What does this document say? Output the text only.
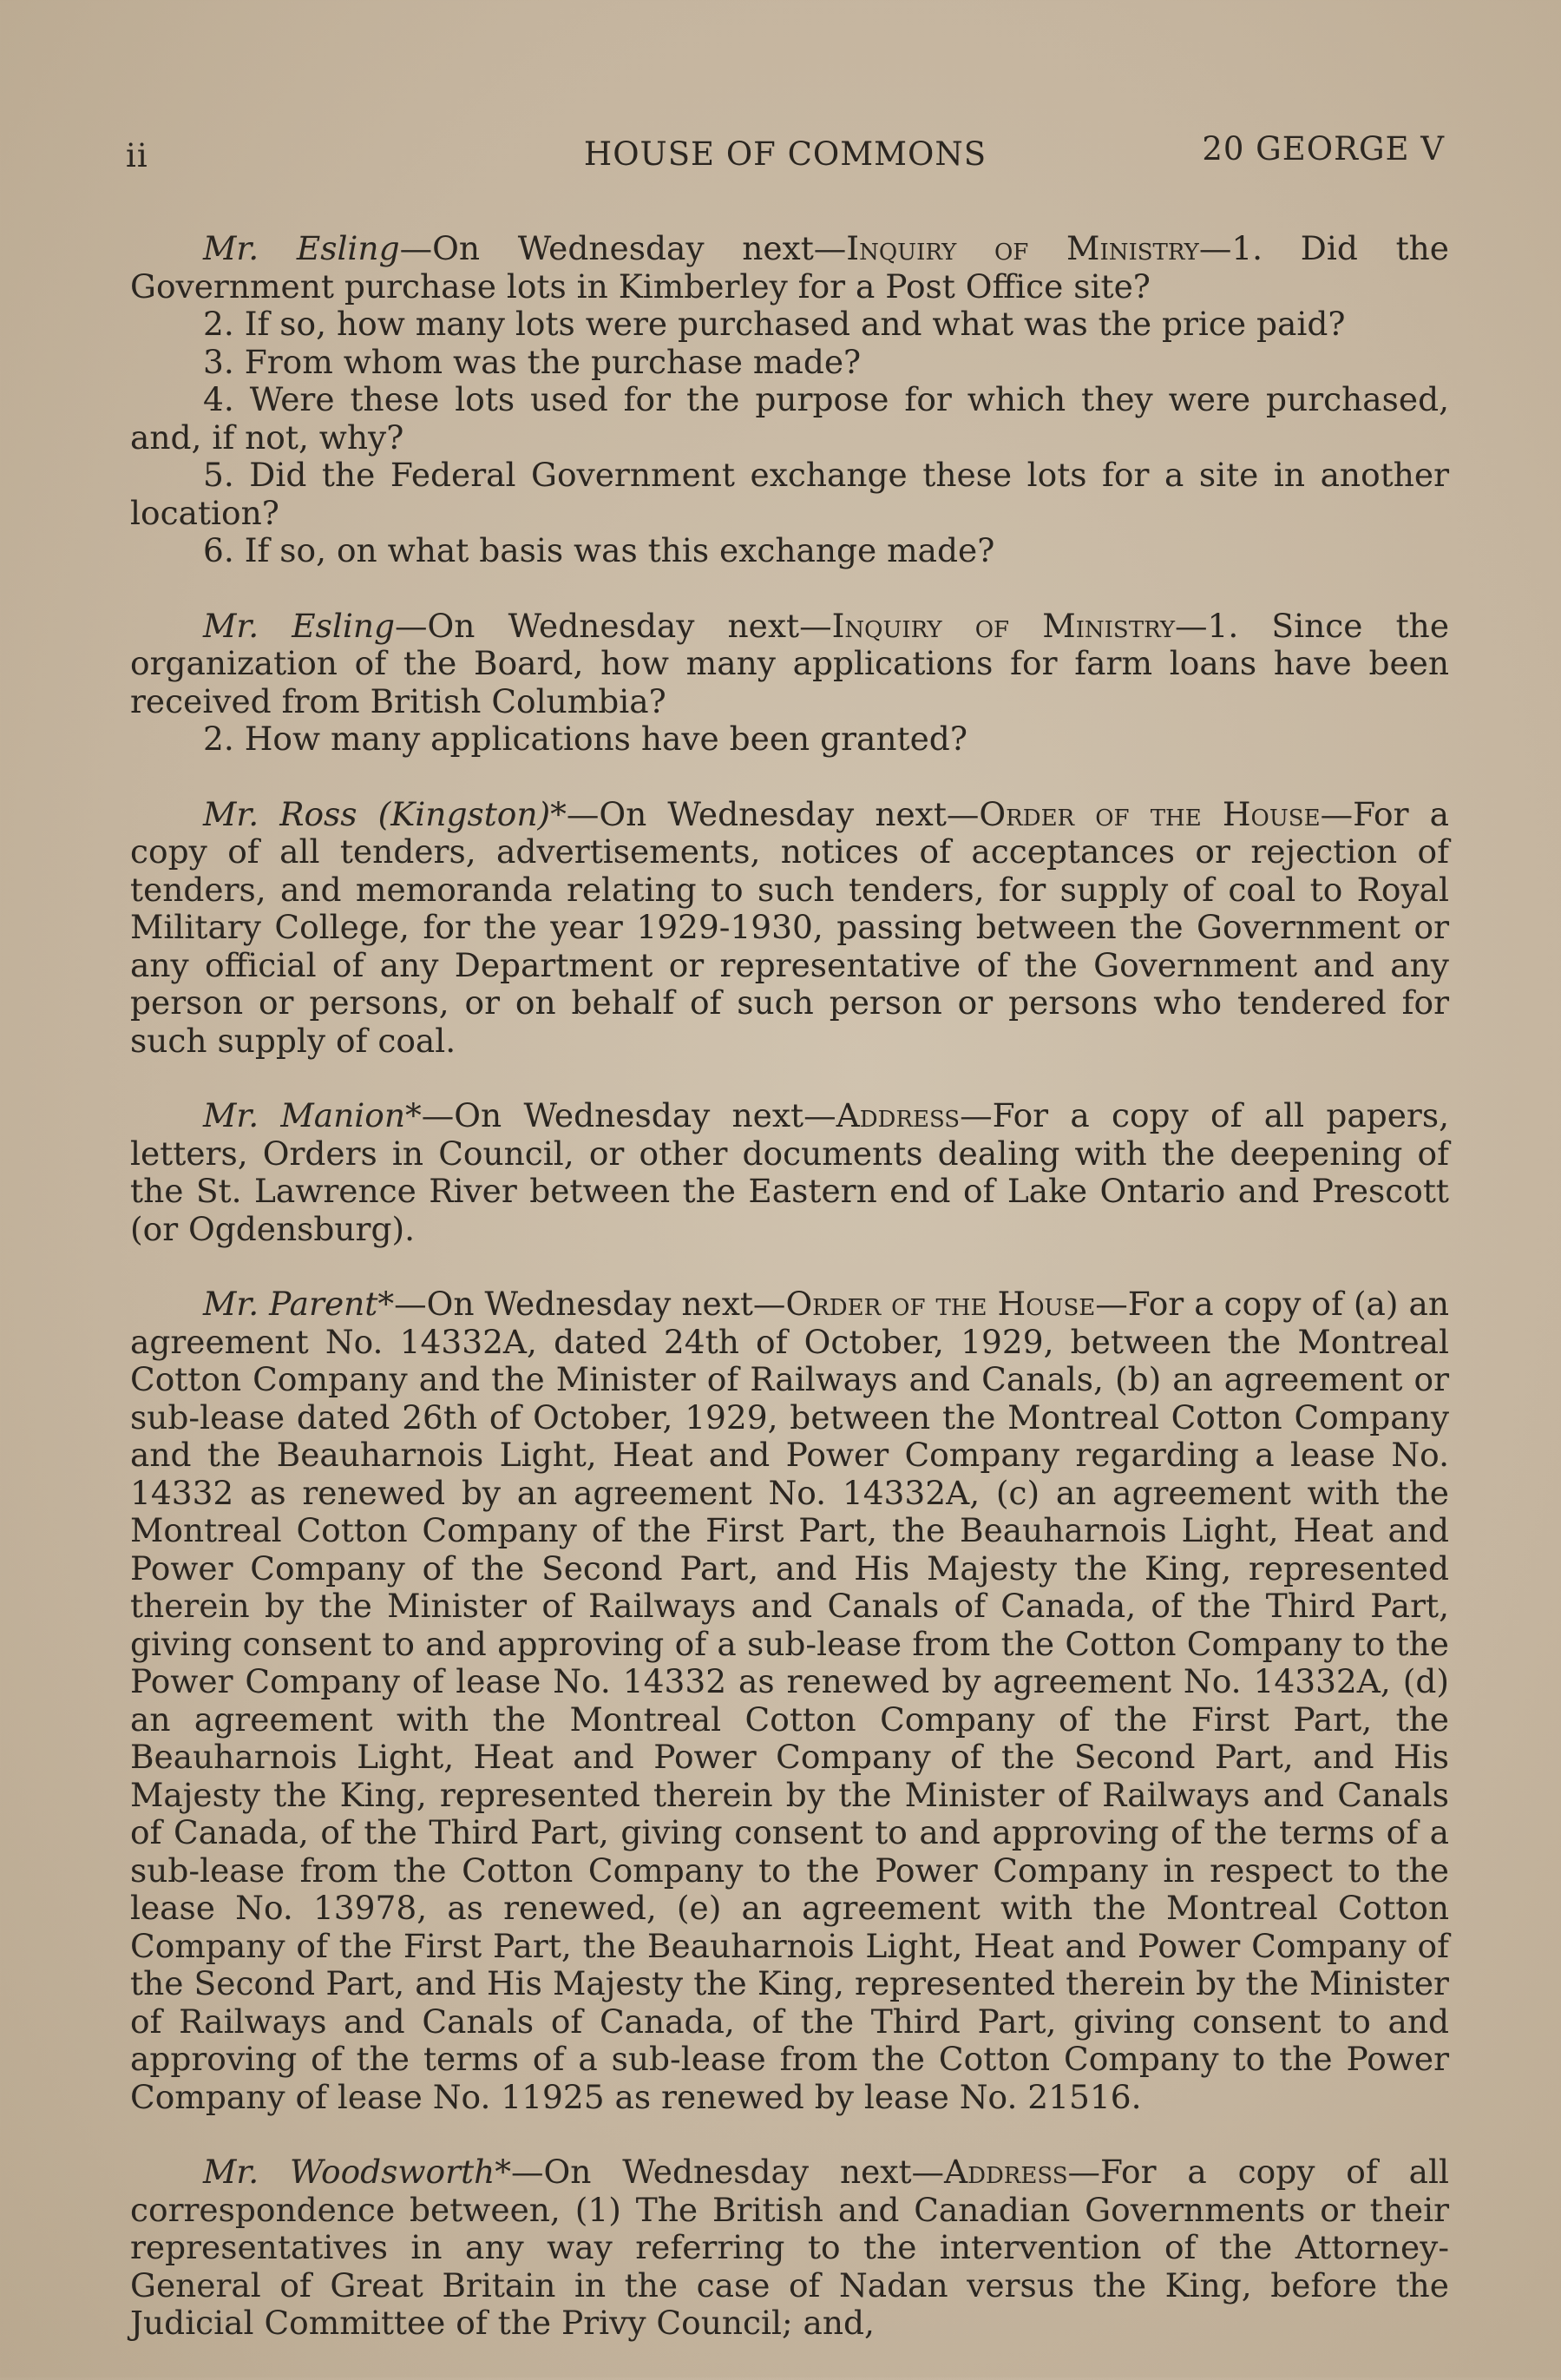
ii	HOUSE OF COMMONS	20 GEORGE V

Mr. Esling—On Wednesday next—Inquiry of Ministry—1. Did the Government purchase lots in Kimberley for a Post Office site?

2. If so, how many lots were purchased and what was the price paid?

3. From whom was the purchase made?

4. Were these lots used for the purpose for which they were purchased, and, if not, why?

5. Did the Federal Government exchange these lots for a site in another location?

6. If so, on what basis was this exchange made?

Mr. Esling—On Wednesday next—Inquiry of Ministry—1. Since the organization of the Board, how many applications for farm loans have been received from British Columbia?

2. How many applications have been granted?

Mr. Ross (Kingston)*—On Wednesday next—Order of the House—For a copy of all tenders, advertisements, notices of acceptances or rejection of tenders, and memoranda relating to such tenders, for supply of coal to Royal Military College, for the year 1929-1930, passing between the Government or any official of any Department or representative of the Government and any person or persons, or on behalf of such person or persons who tendered for such supply of coal.

Mr. Manion*—On Wednesday next—Address—For a copy of all papers, letters, Orders in Council, or other documents dealing with the deepening of the St. Lawrence River between the Eastern end of Lake Ontario and Prescott (or Ogdensburg).

Mr. Parent*—On Wednesday next—Order of the House—For a copy of (a) an agreement No. 14332A, dated 24th of October, 1929, between the Montreal Cotton Company and the Minister of Railways and Canals, (b) an agreement or sub-lease dated 26th of October, 1929, between the Montreal Cotton Company and the Beauharnois Light, Heat and Power Company regarding a lease No. 14332 as renewed by an agreement No. 14332A, (c) an agreement with the Montreal Cotton Company of the First Part, the Beauharnois Light, Heat and Power Company of the Second Part, and His Majesty the King, represented therein by the Minister of Railways and Canals of Canada, of the Third Part, giving consent to and approving of a sub-lease from the Cotton Company to the Power Company of lease No. 14332 as renewed by agreement No. 14332A, (d) an agreement with the Montreal Cotton Company of the First Part, the Beauharnois Light, Heat and Power Company of the Second Part, and His Majesty the King, represented therein by the Minister of Railways and Canals of Canada, of the Third Part, giving consent to and approving of the terms of a sub-lease from the Cotton Company to the Power Company in respect to the lease No. 13978, as renewed, (e) an agreement with the Montreal Cotton Company of the First Part, the Beauharnois Light, Heat and Power Company of the Second Part, and His Majesty the King, represented therein by the Minister of Railways and Canals of Canada, of the Third Part, giving consent to and approving of the terms of a sub-lease from the Cotton Company to the Power Company of lease No. 11925 as renewed by lease No. 21516.

Mr. Woodsworth*—On Wednesday next—Address—For a copy of all correspondence between, (1) The British and Canadian Governments or their representatives in any way referring to the intervention of the Attorney-General of Great Britain in the case of Nadan versus the King, before the Judicial Committee of the Privy Council; and,
